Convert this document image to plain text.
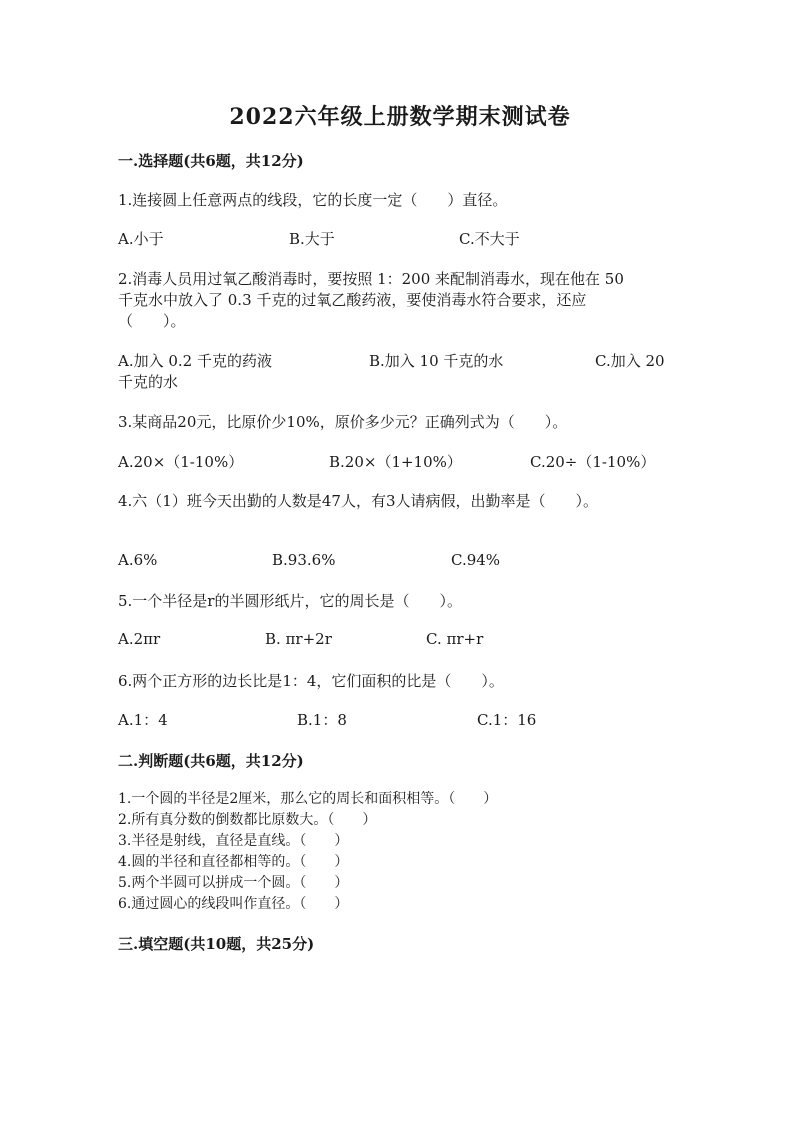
2022六年级上册数学期末测试卷
一.选择题(共6题，共12分)
1.连接圆上任意两点的线段，它的长度一定（　　）直径。
A.小于	B.大于	C.不大于
2.消毒人员用过氧乙酸消毒时，要按照 1：200 来配制消毒水，现在他在 50
千克水中放入了 0.3 千克的过氧乙酸药液，要使消毒水符合要求，还应
（　　）。
A.加入 0.2 千克的药液	B.加入 10 千克的水	C.加入 20
千克的水
3.某商品20元，比原价少10%，原价多少元？正确列式为（　　）。
A.20×（1-10%）	B.20×（1+10%）	C.20÷（1-10%）
4.六（1）班今天出勤的人数是47人，有3人请病假，出勤率是（　　）。
A.6%	B.93.6%	C.94%
5.一个半径是r的半圆形纸片，它的周长是（　　）。
A.2πr	B. πr+2r	C. πr+r
6.两个正方形的边长比是1：4，它们面积的比是（　　）。
A.1：4	B.1：8	C.1：16
二.判断题(共6题，共12分)
1.一个圆的半径是2厘米，那么它的周长和面积相等。（　　）
2.所有真分数的倒数都比原数大。（　　）
3.半径是射线，直径是直线。（　　）
4.圆的半径和直径都相等的。（　　）
5.两个半圆可以拼成一个圆。（　　）
6.通过圆心的线段叫作直径。（　　）
三.填空题(共10题，共25分)
